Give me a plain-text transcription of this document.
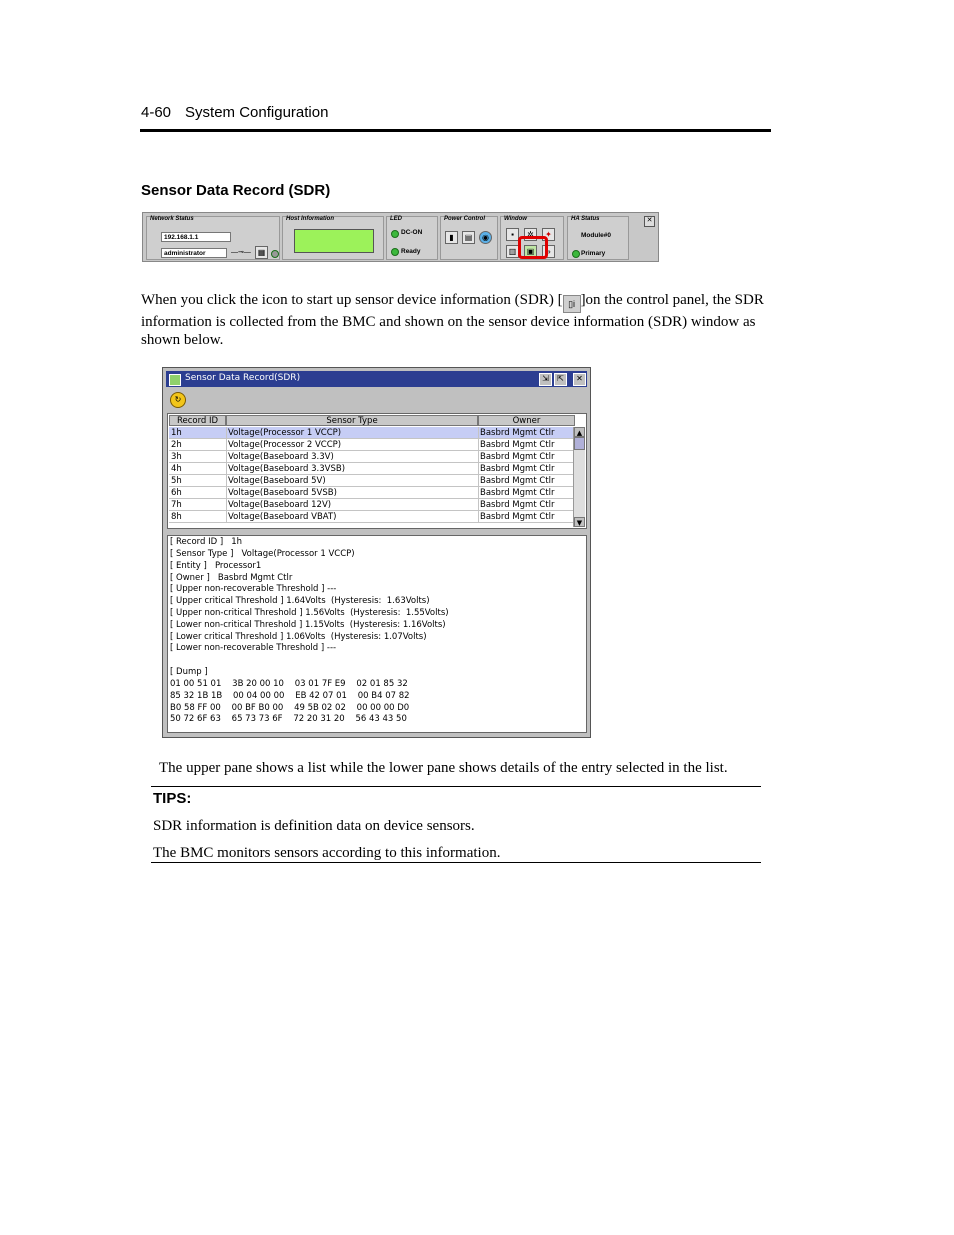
4-60 System Configuration
Sensor Data Record (SDR)
Network Status
192.168.1.1
administrator	—⊸— ▦
Host Information	LED
DC-ON
Ready
Power Control
▮	▤	◉
Window
▪	✲	✦
▥	▣	»
HA Status
Module#0
Primary
✕
When you click the icon to start up sensor device information (SDR) [ ▯i ]on the control panel, the SDR information is collected from the BMC and shown on the sensor device information (SDR) window as shown below.
Sensor Data Record(SDR)	⇲	⇱	✕
↻
Record ID	Sensor Type	Owner
1h	Voltage(Processor 1 VCCP)	Basbrd Mgmt Ctlr
2h	Voltage(Processor 2 VCCP)	Basbrd Mgmt Ctlr
3h	Voltage(Baseboard 3.3V)	Basbrd Mgmt Ctlr
4h	Voltage(Baseboard 3.3VSB)	Basbrd Mgmt Ctlr
5h	Voltage(Baseboard 5V)	Basbrd Mgmt Ctlr
6h	Voltage(Baseboard 5VSB)	Basbrd Mgmt Ctlr
7h	Voltage(Baseboard 12V)	Basbrd Mgmt Ctlr
8h	Voltage(Baseboard VBAT)	Basbrd Mgmt Ctlr
▲
▼
[ Record ID ]   1h
[ Sensor Type ]   Voltage(Processor 1 VCCP)
[ Entity ]   Processor1
[ Owner ]   Basbrd Mgmt Ctlr
[ Upper non-recoverable Threshold ] ---
[ Upper critical Threshold ] 1.64Volts  (Hysteresis:  1.63Volts)
[ Upper non-critical Threshold ] 1.56Volts  (Hysteresis:  1.55Volts)
[ Lower non-critical Threshold ] 1.15Volts  (Hysteresis: 1.16Volts)
[ Lower critical Threshold ] 1.06Volts  (Hysteresis: 1.07Volts)
[ Lower non-recoverable Threshold ] ---
[ Dump ]
01 00 51 01    3B 20 00 10    03 01 7F E9    02 01 85 32
85 32 1B 1B    00 04 00 00    EB 42 07 01    00 B4 07 82
B0 58 FF 00    00 BF B0 00    49 5B 02 02    00 00 00 D0
50 72 6F 63    65 73 73 6F    72 20 31 20    56 43 43 50
The upper pane shows a list while the lower pane shows details of the entry selected in the list.
TIPS:
SDR information is definition data on device sensors.
The BMC monitors sensors according to this information.
